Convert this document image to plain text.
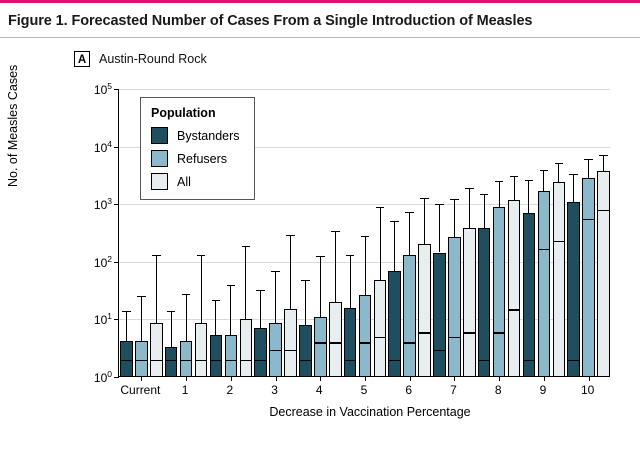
Figure 1. Forecasted Number of Cases From a Single Introduction of Measles
A	Austin-Round Rock
No. of Measles Cases
Decrease in Vaccination Percentage
Population
Bystanders
Refusers
All
$10^0$
$10^1$
$10^2$
$10^3$
$10^4$
$10^5$
Current 1	2	3	4	5	6	7	8	9	10
